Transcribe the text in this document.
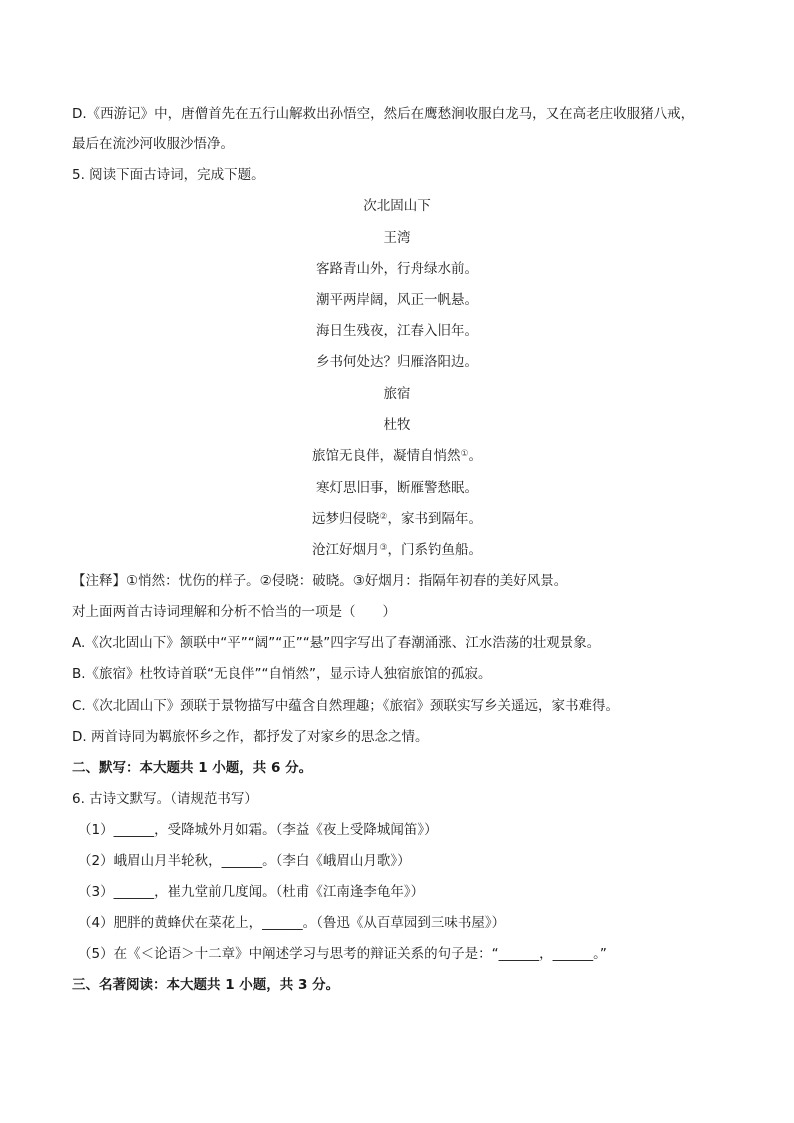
D.《西游记》中，唐僧首先在五行山解救出孙悟空，然后在鹰愁涧收服白龙马，又在高老庄收服猪八戒，
最后在流沙河收服沙悟净。
5. 阅读下面古诗词，完成下题。
次北固山下
王湾
客路青山外，行舟绿水前。
潮平两岸阔，风正一帆悬。
海日生残夜，江春入旧年。
乡书何处达？归雁洛阳边。
旅宿
杜牧
旅馆无良伴，凝情自悄然①。
寒灯思旧事，断雁警愁眠。
远梦归侵晓②，家书到隔年。
沧江好烟月③，门系钓鱼船。
【注释】①悄然：忧伤的样子。②侵晓：破晓。③好烟月：指隔年初春的美好风景。
对上面两首古诗词理解和分析不恰当的一项是（　　）
A.《次北固山下》颔联中“平”“阔”“正”“悬”四字写出了春潮涌涨、江水浩荡的壮观景象。
B.《旅宿》杜牧诗首联“无良伴”“自悄然”，显示诗人独宿旅馆的孤寂。
C.《次北固山下》颈联于景物描写中蕴含自然理趣；《旅宿》颈联实写乡关遥远，家书难得。
D. 两首诗同为羁旅怀乡之作，都抒发了对家乡的思念之情。
二、默写：本大题共 1 小题，共 6 分。
6. 古诗文默写。（请规范书写）
（1）______，受降城外月如霜。（李益《夜上受降城闻笛》）
（2）峨眉山月半轮秋，______。（李白《峨眉山月歌》）
（3）______，崔九堂前几度闻。（杜甫《江南逢李龟年》）
（4）肥胖的黄蜂伏在菜花上，______。（鲁迅《从百草园到三味书屋》）
（5）在《＜论语＞十二章》中阐述学习与思考的辩证关系的句子是：“______，______。”
三、名著阅读：本大题共 1 小题，共 3 分。
